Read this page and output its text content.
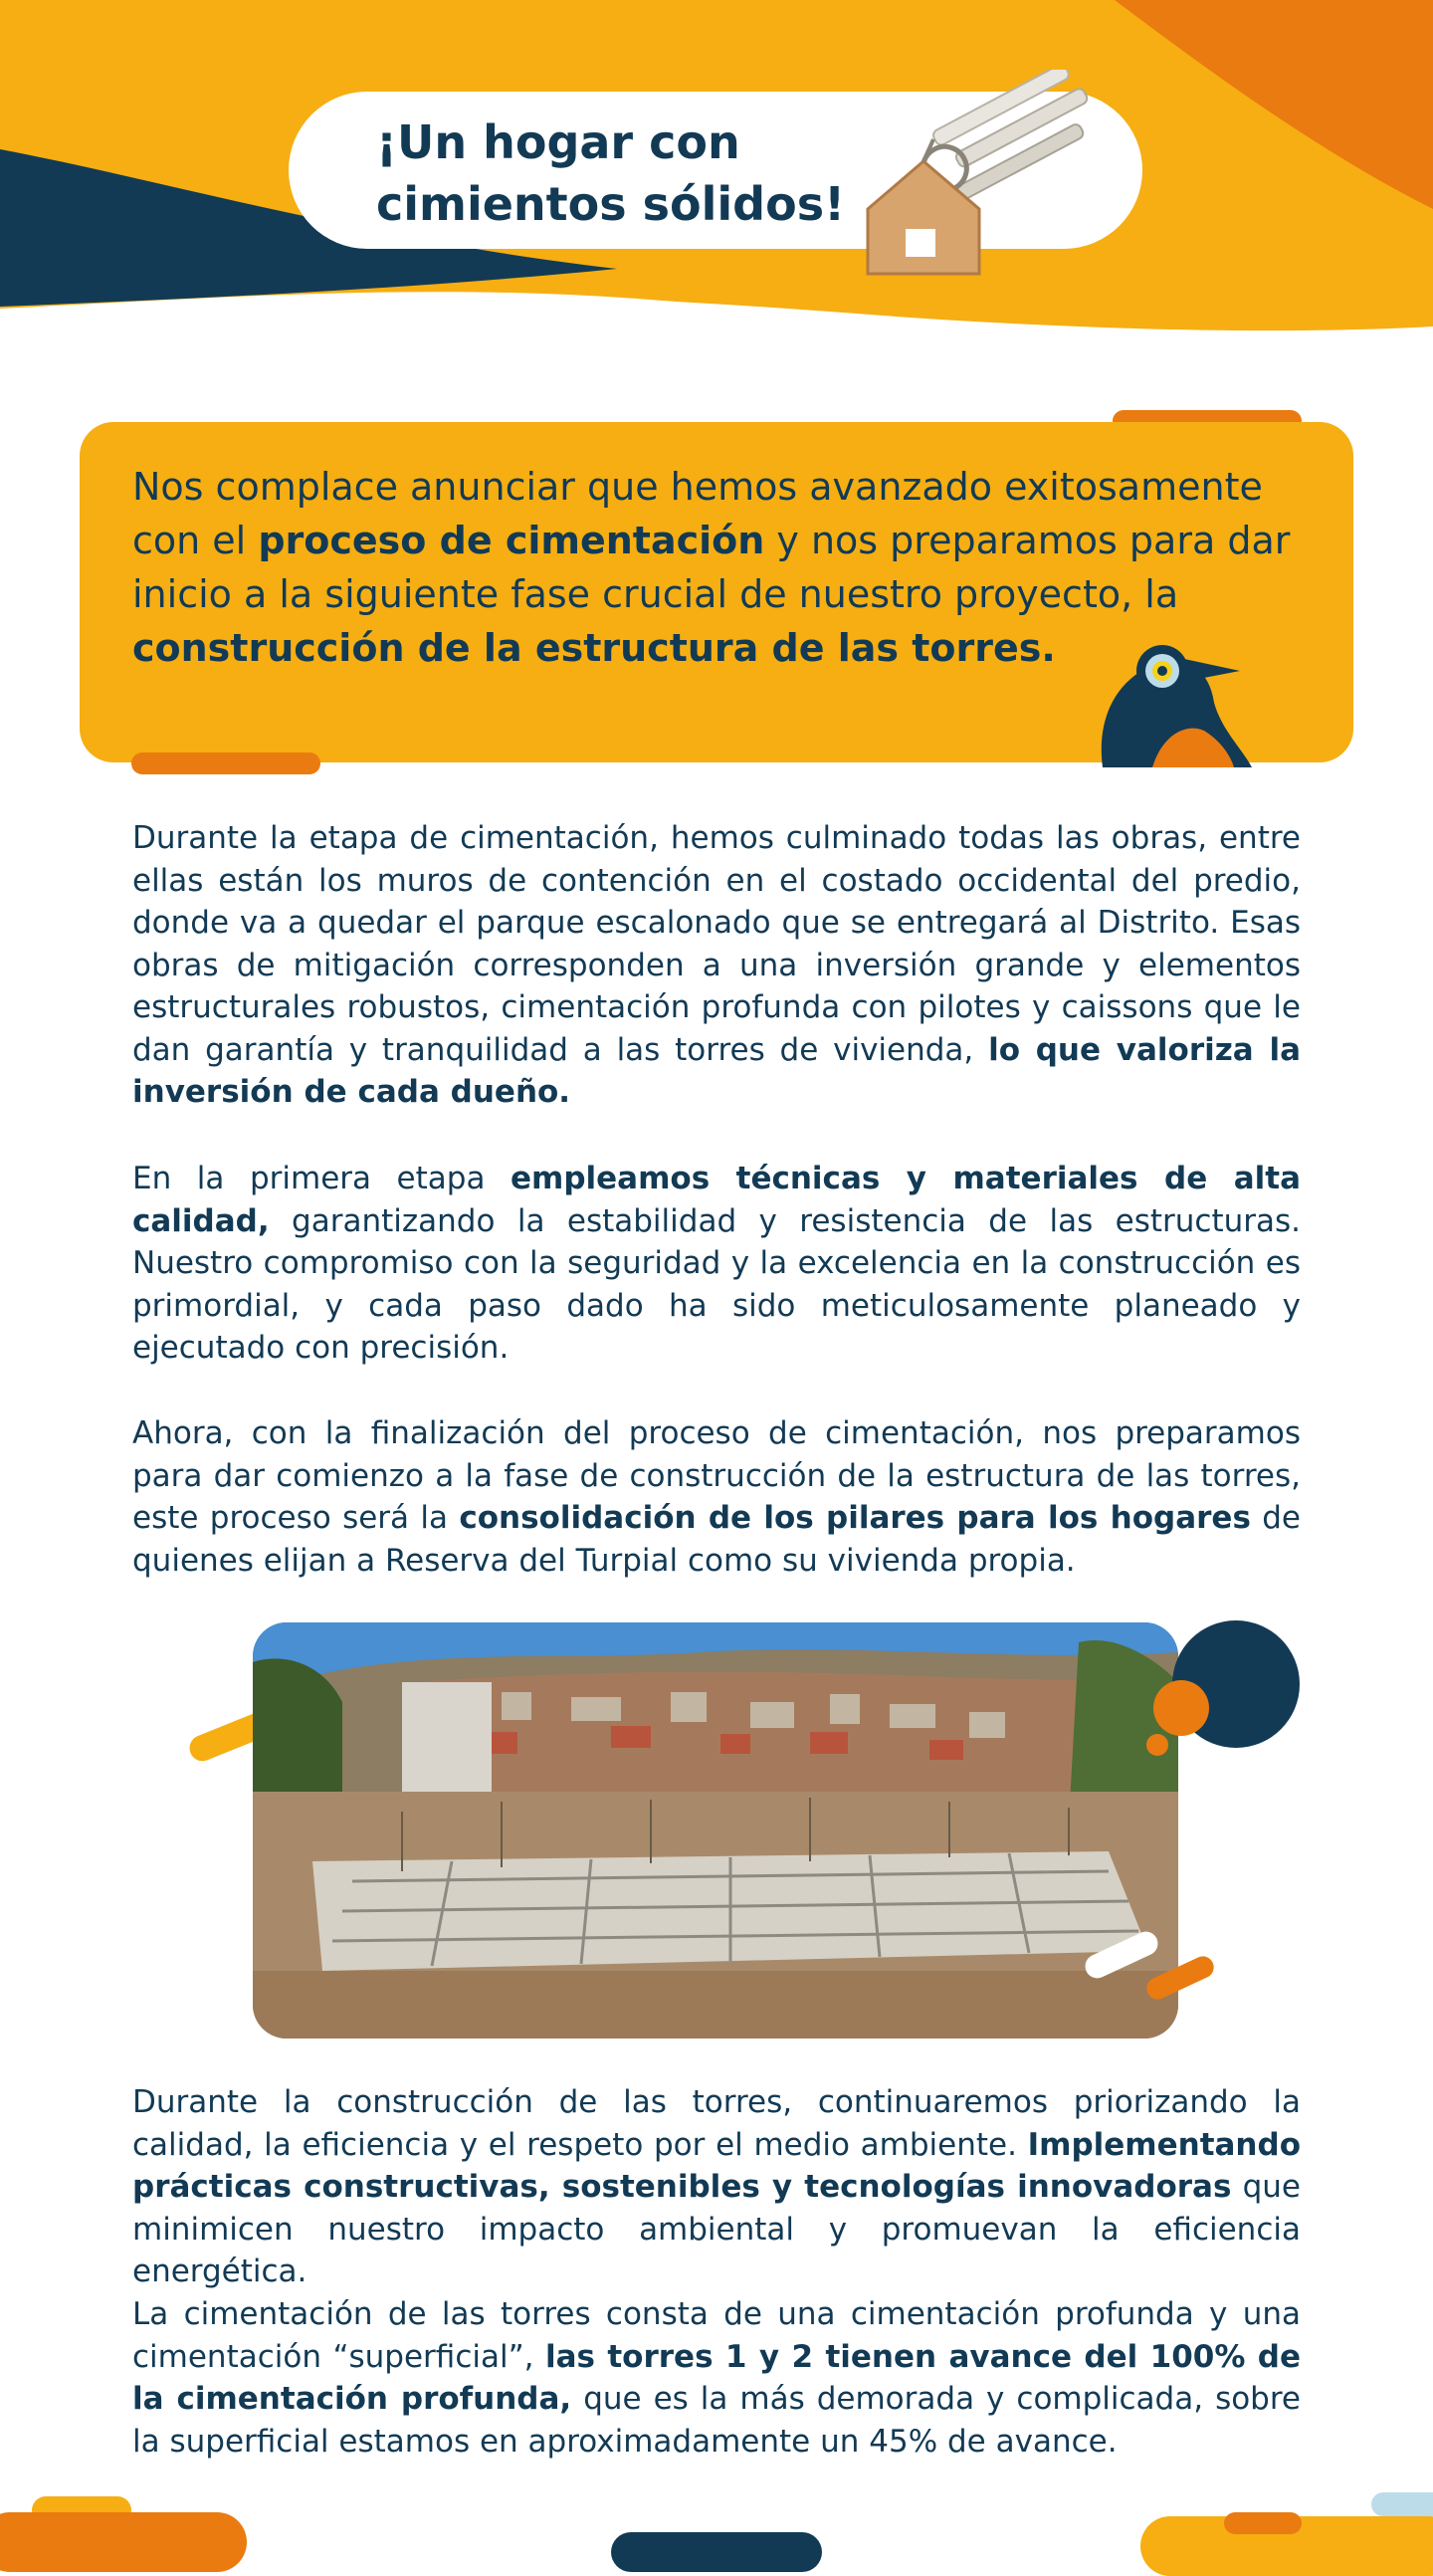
¡Un hogar con
cimientos sólidos!

Nos complace anunciar que hemos avanzado exitosamente con el proceso de cimentación y nos preparamos para dar inicio a la siguiente fase crucial de nuestro proyecto, la construcción de la estructura de las torres.

Durante la etapa de cimentación, hemos culminado todas las obras, entre ellas están los muros de contención en el costado occidental del predio, donde va a quedar el parque escalonado que se entregará al Distrito. Esas obras de mitigación corresponden a una inversión grande y elementos estructurales robustos, cimentación profunda con pilotes y caissons que le dan garantía y tranquilidad a las torres de vivienda, lo que valoriza la inversión de cada dueño.

En la primera etapa empleamos técnicas y materiales de alta calidad, garantizando la estabilidad y resistencia de las estructuras. Nuestro compromiso con la seguridad y la excelencia en la construcción es primordial, y cada paso dado ha sido meticulosamente planeado y ejecutado con precisión.

Ahora, con la finalización del proceso de cimentación, nos preparamos para dar comienzo a la fase de construcción de la estructura de las torres, este proceso será la consolidación de los pilares para los hogares de quienes elijan a Reserva del Turpial como su vivienda propia.

Durante la construcción de las torres, continuaremos priorizando la calidad, la eficiencia y el respeto por el medio ambiente. Implementando prácticas constructivas, sostenibles y tecnologías innovadoras que minimicen nuestro impacto ambiental y promuevan la eficiencia energética.

La cimentación de las torres consta de una cimentación profunda y una cimentación “superficial”, las torres 1 y 2 tienen avance del 100% de la cimentación profunda, que es la más demorada y complicada, sobre la superficial estamos en aproximadamente un 45% de avance.
